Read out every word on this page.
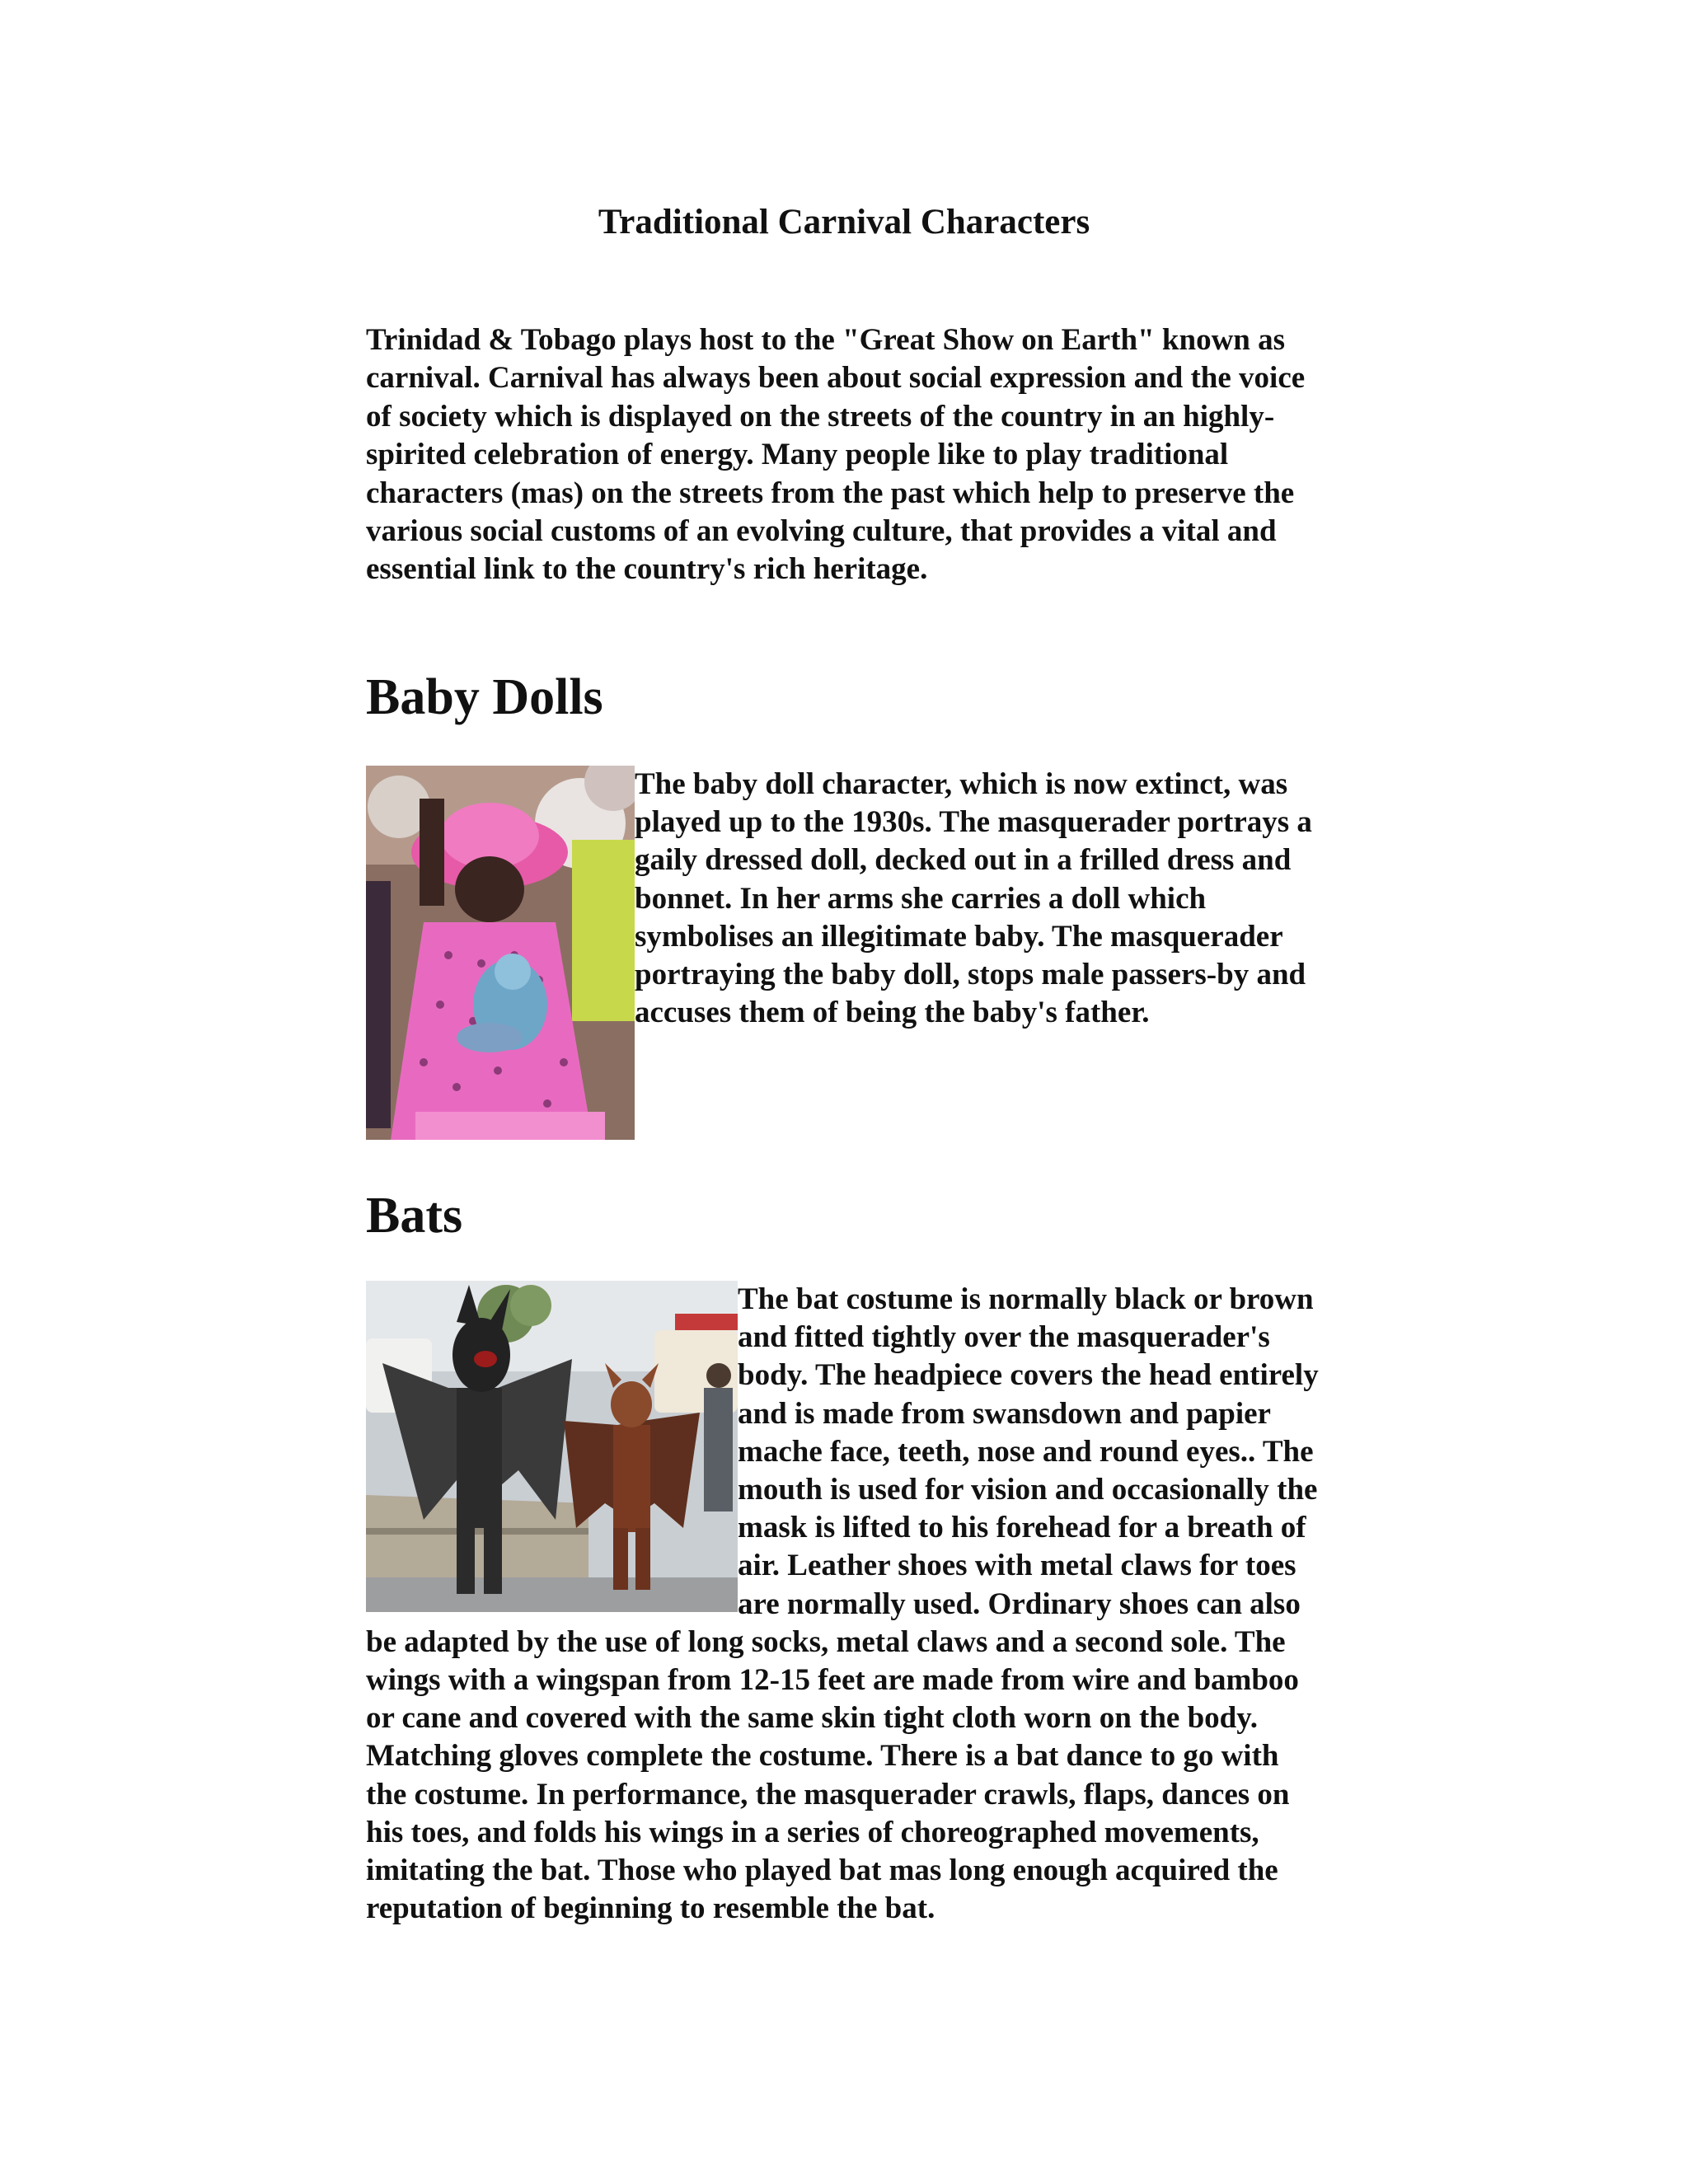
Traditional Carnival Characters

Trinidad & Tobago plays host to the "Great Show on Earth" known as carnival. Carnival has always been about social expression and the voice of society which is displayed on the streets of the country in an highly-spirited celebration of energy. Many people like to play traditional characters (mas) on the streets from the past which help to preserve the various social customs of an evolving culture, that provides a vital and essential link to the country's rich heritage.

Baby Dolls
The baby doll character, which is now extinct, was played up to the 1930s. The masquerader portrays a gaily dressed doll, decked out in a frilled dress and bonnet. In her arms she carries a doll which symbolises an illegitimate baby. The masquerader portraying the baby doll, stops male passers-by and accuses them of being the baby's father.
Bats
The bat costume is normally black or brown and fitted tightly over the masquerader's body. The headpiece covers the head entirely and is made from swansdown and papier mache face, teeth, nose and round eyes.. The mouth is used for vision and occasionally the mask is lifted to his forehead for a breath of air. Leather shoes with metal claws for toes are normally used. Ordinary shoes can also be adapted by the use of long socks, metal claws and a second sole. The wings with a wingspan from 12-15 feet are made from wire and bamboo or cane and covered with the same skin tight cloth worn on the body. Matching gloves complete the costume. There is a bat dance to go with the costume. In performance, the masquerader crawls, flaps, dances on his toes, and folds his wings in a series of choreographed movements, imitating the bat. Those who played bat mas long enough acquired the reputation of beginning to resemble the bat.
